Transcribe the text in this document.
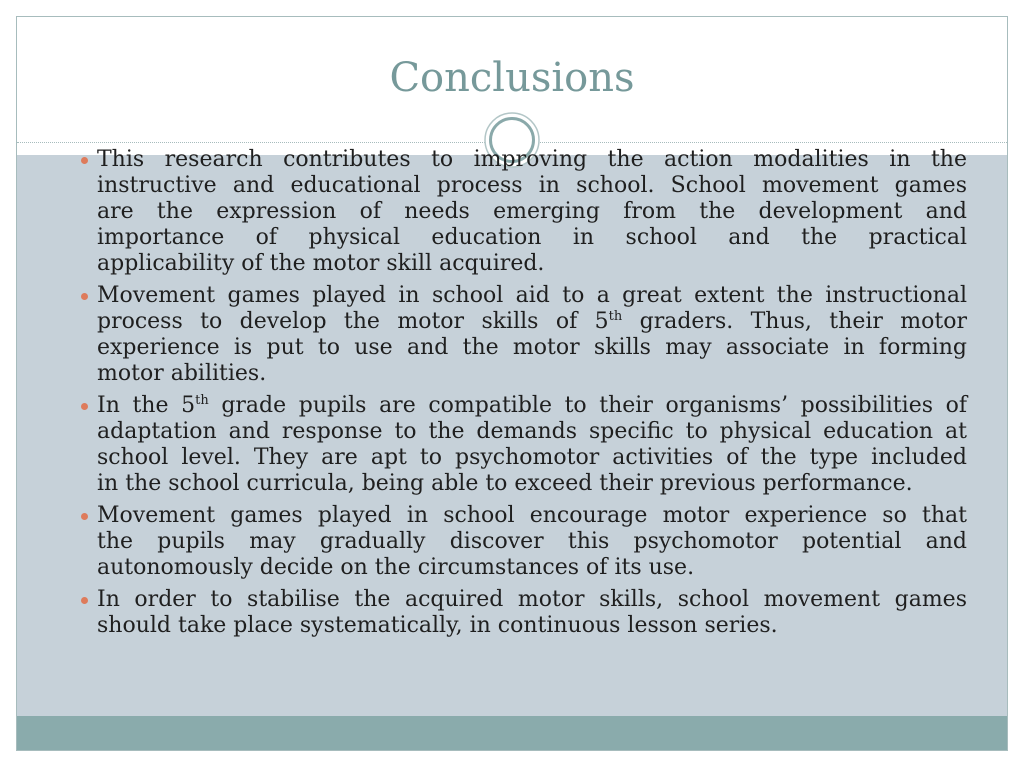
Conclusions
This research contributes to improving the action modalities in the
instructive and educational process in school. School movement games
are the expression of needs emerging from the development and
importance of physical education in school and the practical
applicability of the motor skill acquired.
Movement games played in school aid to a great extent the instructional
process to develop the motor skills of 5th graders. Thus, their motor
experience is put to use and the motor skills may associate in forming
motor abilities.
In the 5th grade pupils are compatible to their organisms’ possibilities of
adaptation and response to the demands specific to physical education at
school level. They are apt to psychomotor activities of the type included
in the school curricula, being able to exceed their previous performance.
Movement games played in school encourage motor experience so that
the pupils may gradually discover this psychomotor potential and
autonomously decide on the circumstances of its use.
In order to stabilise the acquired motor skills, school movement games
should take place systematically, in continuous lesson series.
